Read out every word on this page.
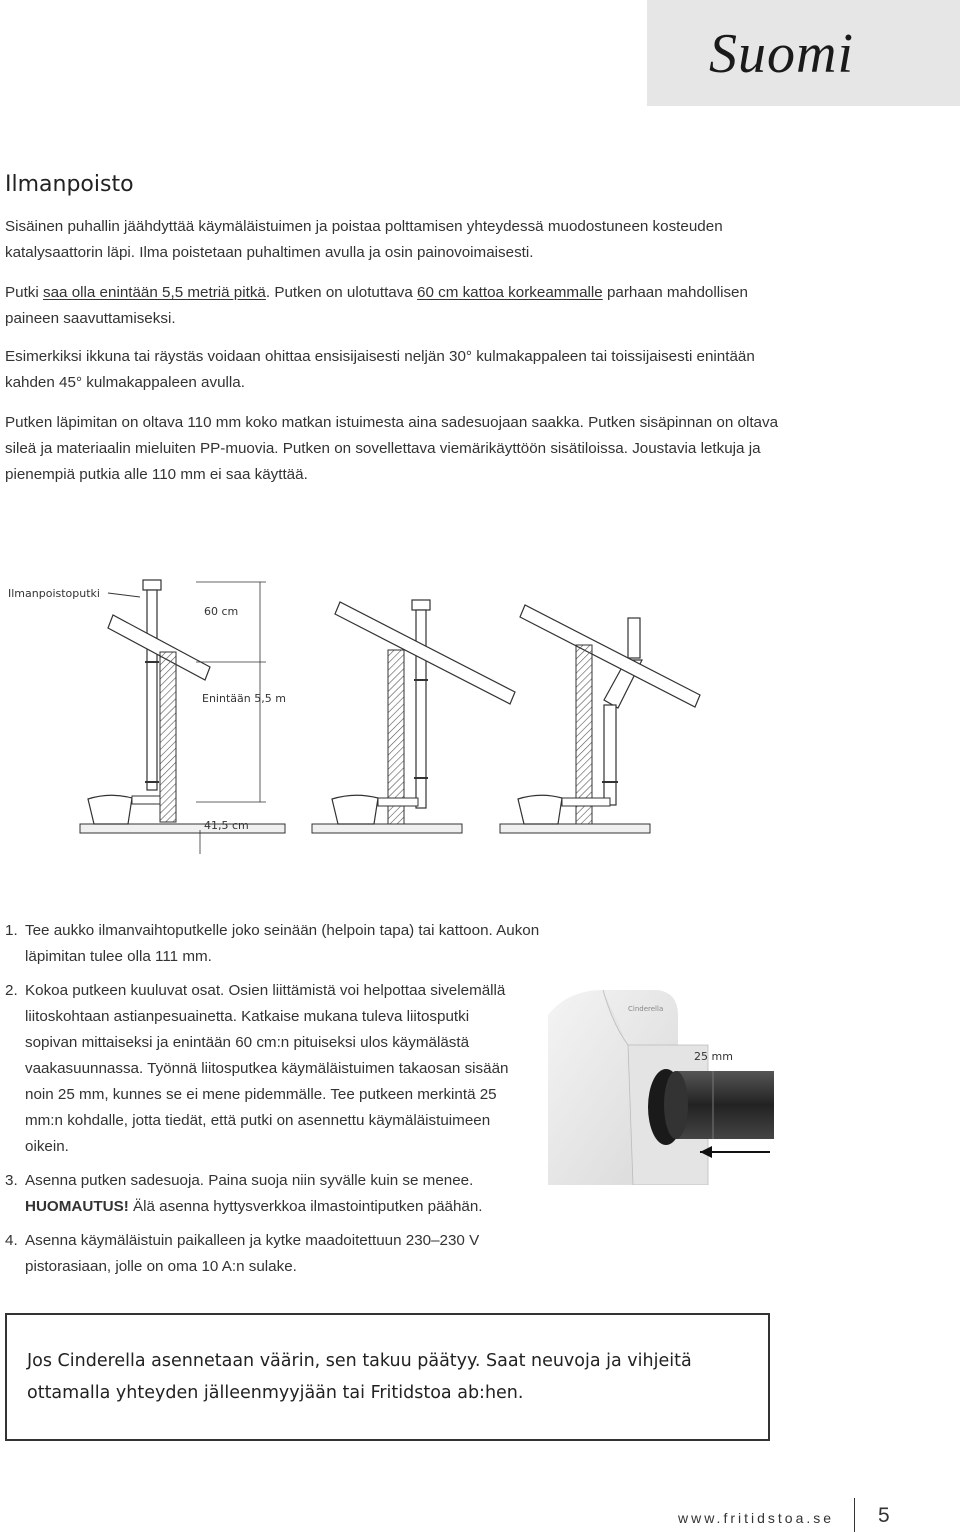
Suomi
Ilmanpoisto

Sisäinen puhallin jäähdyttää käymäläistuimen ja poistaa polttamisen yhteydessä muodostuneen kosteuden katalysaattorin läpi. Ilma poistetaan puhaltimen avulla ja osin painovoimaisesti.

Putki saa olla enintään 5,5 metriä pitkä. Putken on ulotuttava 60 cm kattoa korkeammalle parhaan mahdollisen paineen saavuttamiseksi.

Esimerkiksi ikkuna tai räystäs voidaan ohittaa ensisijaisesti neljän 30° kulmakappaleen tai toissijaisesti enintään kahden 45° kulmakappaleen avulla.

Putken läpimitan on oltava 110 mm koko matkan istuimesta aina sadesuojaan saakka. Putken sisäpinnan on oltava sileä ja materiaalin mieluiten PP-muovia. Putken on sovellettava viemärikäyttöön sisätiloissa. Joustavia letkuja ja pienempiä putkia alle 110 mm ei saa käyttää.

Ilmanpoistoputki
60 cm
Enintään 5,5 m
41,5 cm
1. Tee aukko ilmanvaihtoputkelle joko seinään (helpoin tapa) tai kattoon. Aukon läpimitan tulee olla 111 mm.
2. Kokoa putkeen kuuluvat osat. Osien liittämistä voi helpottaa sivelemällä liitoskohtaan astianpesuainetta. Katkaise mukana tuleva liitosputki sopivan mittaiseksi ja enintään 60 cm:n pituiseksi ulos käymälästä vaakasuunnassa. Työnnä liitosputkea käymäläistuimen takaosan sisään noin 25 mm, kunnes se ei mene pidemmälle. Tee putkeen merkintä 25 mm:n kohdalle, jotta tiedät, että putki on asennettu käymäläistuimeen oikein.
3. Asenna putken sadesuoja. Paina suoja niin syvälle kuin se menee. HUOMAUTUS! Älä asenna hyttysverkkoa ilmastointiputken päähän.
4. Asenna käymäläistuin paikalleen ja kytke maadoitettuun 230–230 V pistorasiaan, jolle on oma 10 A:n sulake.
Cinderella
25 mm

Jos Cinderella asennetaan väärin, sen takuu päätyy. Saat neuvoja ja vihjeitä ottamalla yhteyden jälleenmyyjään tai Fritidstoa ab:hen.

www.fritidstoa.se 5
